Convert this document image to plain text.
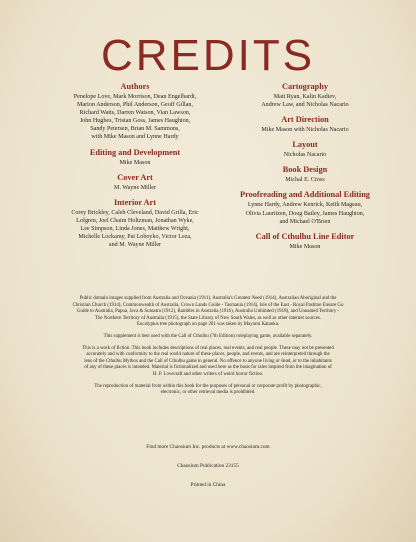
CREDITS
Authors
Penelope Love, Mark Morrison, Dean Engelhardt,
Marion Anderson, Phil Anderson, Geoff Gillan,
Richard Watts, Darren Watson, Vian Lawson,
John Hughes, Tristan Goss, James Haughton,
Sandy Petersen, Brian M. Sammons,
with Mike Mason and Lynne Hardy
Editing and Development
Mike Mason
Cover Art
M. Wayne Miller
Interior Art
Corey Brickley, Caleb Cleveland, David Grilla, Eric
Lofgren, Joel Chaim Holtzman, Jonathan Wyke,
Lee Simpson, Linda Jones, Matthew Wright,
Michelle Lockamy, Pat Loboyko, Victor Leza,
and M. Wayne Miller
Cartography
Matt Ryan, Kalin Kadiev,
Andrew Law, and Nicholas Nacario
Art Direction
Mike Mason with Nicholas Nacario
Layout
Nicholas Nacario
Book Design
Michal E. Cross
Proofreading and Additional Editing
Lynne Hardy, Andrew Kenrick, Keith Mageau,
Olivia Lauritzen, Doug Bailey, James Haughton,
and Michael O'Brien
Call of Cthulhu Line Editor
Mike Mason

Public domain images supplied from Australia and Oceania (1911), Australia's Greatest Need (1914), Australian Aboriginal and the
Christian Church (1914), Commonwealth of Australia, Crown Lands Guide - Tasmania (1914), Isle of the East - Royal Pastime Ensure Go
Guide to Australia, Papua, Java & Sumatra (1912), Rambles in Australia (1916), Australia Unlimited (1918), and Unnamed Territory -
The Northern Territory of Australia (1915), the State Library of New South Wales, as well as other internet sources.
Eucalyptus tree photograph on page 201 was taken by Mayumi Kataoka.

This supplement is best used with the Call of Cthulhu (7th Edition) roleplaying game, available separately.

This is a work of fiction. This book includes descriptions of real places, real events, and real people. These may not be presented
accurately and with conformity to the real world nature of these places, people, and events, and are reinterpreted through the
lens of the Cthulhu Mythos and the Call of Cthulhu game in general. No offence to anyone living or dead, or to the inhabitants
of any of these places is intended. Material is fictionalized and used here as the basis for tales inspired from the imagination of
H. P. Lovecraft and other writers of weird horror fiction.

The reproduction of material from within this book for the purposes of personal or corporate profit by photographic,
electronic, or other retrieval media is prohibited.

Find more Chaosium Inc. products at www.chaosium.com
Chaosium Publication 23155
Printed in China
